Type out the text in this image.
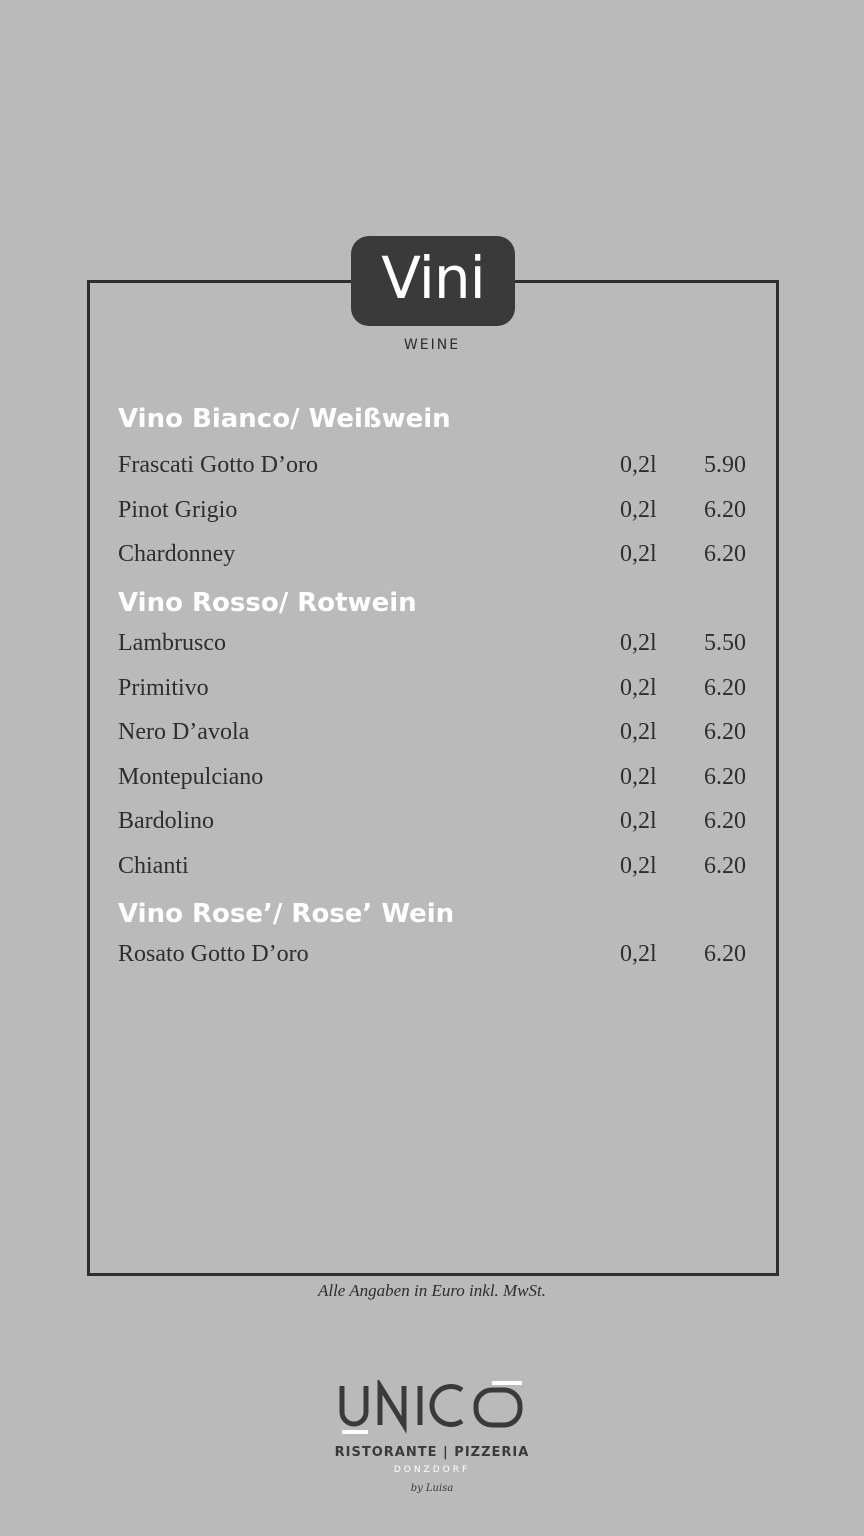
Vini
WEINE
Vino Bianco/ Weißwein
Frascati Gotto D’oro	0,2l 5.90
Pinot Grigio	0,2l 6.20
Chardonney	0,2l 6.20
Vino Rosso/ Rotwein
Lambrusco	0,2l 5.50
Primitivo	0,2l 6.20
Nero D’avola	0,2l 6.20
Montepulciano	0,2l 6.20
Bardolino	0,2l 6.20
Chianti	0,2l 6.20
Vino Rose’/ Rose’ Wein
Rosato Gotto D’oro	0,2l 6.20
Alle Angaben in Euro inkl. MwSt.
RISTORANTE | PIZZERIA
DONZDORF
by Luisa
